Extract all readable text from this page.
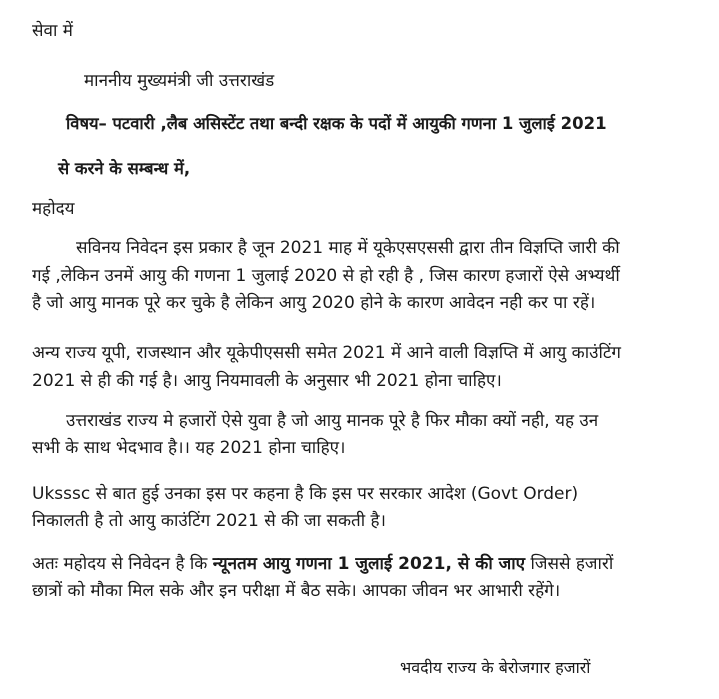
सेवा में
माननीय मुख्यमंत्री जी उत्तराखंड
विषय– पटवारी ,लैब असिस्टेंट तथा बन्दी रक्षक के पदों में आयुकी गणना 1 जुलाई 2021
से करने के सम्बन्ध में,
महोदय
सविनय निवेदन इस प्रकार है जून 2021 माह में यूकेएसएससी द्वारा तीन विज्ञप्ति जारी की
गई ,लेकिन उनमें आयु की गणना 1 जुलाई 2020 से हो रही है , जिस कारण हजारों ऐसे अभ्यर्थी
है जो आयु मानक पूरे कर चुके है लेकिन आयु 2020 होने के कारण आवेदन नही कर पा रहें।
अन्य राज्य यूपी, राजस्थान और यूकेपीएससी समेत 2021 में आने वाली विज्ञप्ति में आयु काउंटिंग
2021 से ही की गई है। आयु नियमावली के अनुसार भी 2021 होना चाहिए।
उत्तराखंड राज्य मे हजारों ऐसे युवा है जो आयु मानक पूरे है फिर मौका क्यों नही, यह उन
सभी के साथ भेदभाव है।। यह 2021 होना चाहिए।
Uksssc से बात हुई उनका इस पर कहना है कि इस पर सरकार आदेश (Govt Order)
निकालती है तो आयु काउंटिंग 2021 से की जा सकती है।
अतः महोदय से निवेदन है कि न्यूनतम आयु गणना 1 जुलाई 2021, से की जाए जिससे हजारों
छात्रों को मौका मिल सके और इन परीक्षा में बैठ सके। आपका जीवन भर आभारी रहेंगे।
भवदीय राज्य के बेरोजगार हजारों
